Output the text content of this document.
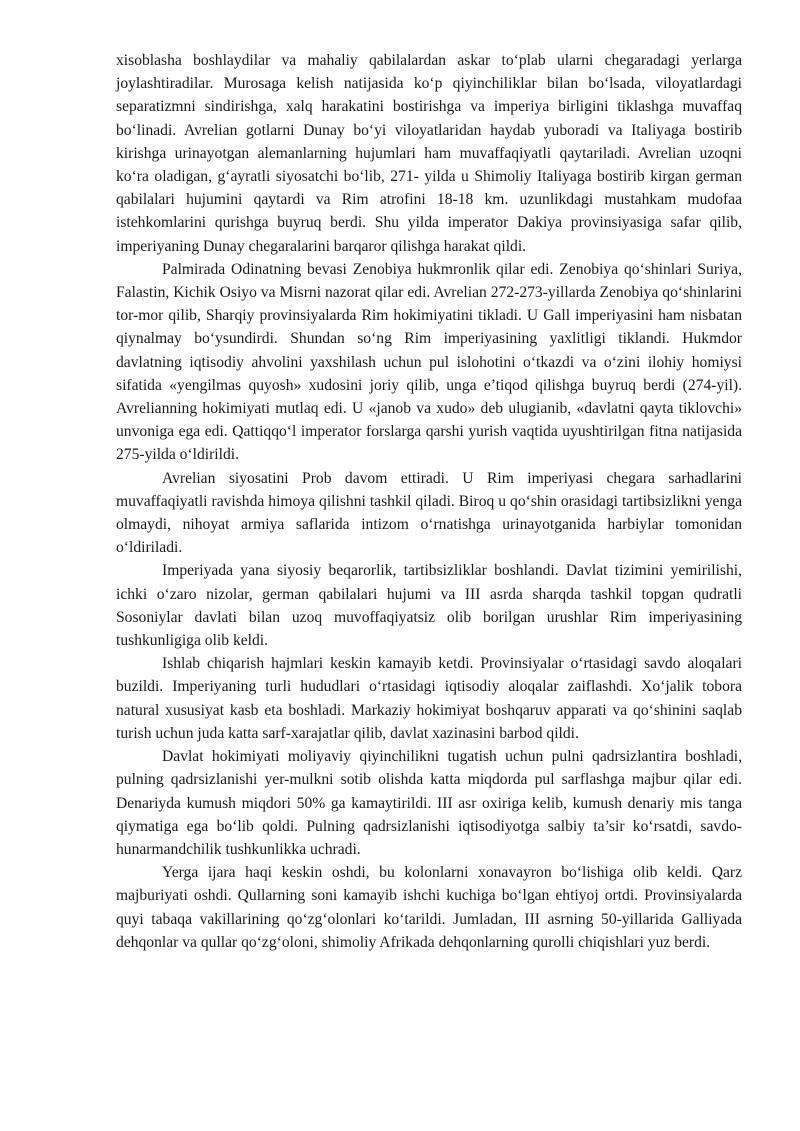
xisoblasha boshlaydilar va mahaliy qabilalardan askar to‘plab ularni chegaradagi yerlarga joylashtiradilar. Murosaga kelish natijasida ko‘p qiyinchiliklar bilan bo‘lsada, viloyatlardagi separatizmni sindirishga, xalq harakatini bostirishga va imperiya birligini tiklashga muvaffaq bo‘linadi. Avrelian gotlarni Dunay bo‘yi viloyatlaridan haydab yuboradi va Italiyaga bostirib kirishga urinayotgan alemanlarning hujumlari ham muvaffaqiyatli qaytariladi. Avrelian uzoqni ko‘ra oladigan, g‘ayratli siyosatchi bo‘lib, 271- yilda u Shimoliy Italiyaga bostirib kirgan german qabilalari hujumini qaytardi va Rim atrofini 18-18 km. uzunlikdagi mustahkam mudofaa istehkomlarini qurishga buyruq berdi. Shu yilda imperator Dakiya provinsiyasiga safar qilib, imperiyaning Dunay chegaralarini barqaror qilishga harakat qildi.

Palmirada Odinatning bevasi Zenobiya hukmronlik qilar edi. Zenobiya qo‘shinlari Suriya, Falastin, Kichik Osiyo va Misrni nazorat qilar edi. Avrelian 272-273-yillarda Zenobiya qo‘shinlarini tor-mor qilib, Sharqiy provinsiyalarda Rim hokimiyatini tikladi. U Gall imperiyasini ham nisbatan qiynalmay bo‘ysundirdi. Shundan so‘ng Rim imperiyasining yaxlitligi tiklandi. Hukmdor davlatning iqtisodiy ahvolini yaxshilash uchun pul islohotini o‘tkazdi va o‘zini ilohiy homiysi sifatida «yengilmas quyosh» xudosini joriy qilib, unga e’tiqod qilishga buyruq berdi (274-yil). Avrelianning hokimiyati mutlaq edi. U «janob va xudo» deb ulugianib, «davlatni qayta tiklovchi» unvoniga ega edi. Qattiqqo‘l imperator forslarga qarshi yurish vaqtida uyushtirilgan fitna natijasida 275-yilda o‘ldirildi.

Avrelian siyosatini Prob davom ettiradi. U Rim imperiyasi chegara sarhadlarini muvaffaqiyatli ravishda himoya qilishni tashkil qiladi. Biroq u qo‘shin orasidagi tartibsizlikni yenga olmaydi, nihoyat armiya saflarida intizom o‘rnatishga urinayotganida harbiylar tomonidan o‘ldiriladi.

Imperiyada yana siyosiy beqarorlik, tartibsizliklar boshlandi. Davlat tizimini yemirilishi, ichki o‘zaro nizolar, german qabilalari hujumi va III asrda sharqda tashkil topgan qudratli Sosoniylar davlati bilan uzoq muvoffaqiyatsiz olib borilgan urushlar Rim imperiyasining tushkunligiga olib keldi.

Ishlab chiqarish hajmlari keskin kamayib ketdi. Provinsiyalar o‘rtasidagi savdo aloqalari buzildi. Imperiyaning turli hududlari o‘rtasidagi iqtisodiy aloqalar zaiflashdi. Xo‘jalik tobora natural xususiyat kasb eta boshladi. Markaziy hokimiyat boshqaruv apparati va qo‘shinini saqlab turish uchun juda katta sarf-xarajatlar qilib, davlat xazinasini barbod qildi.

Davlat hokimiyati moliyaviy qiyinchilikni tugatish uchun pulni qadrsizlantira boshladi, pulning qadrsizlanishi yer-mulkni sotib olishda katta miqdorda pul sarflashga majbur qilar edi. Denariyda kumush miqdori 50% ga kamaytirildi. III asr oxiriga kelib, kumush denariy mis tanga qiymatiga ega bo‘lib qoldi. Pulning qadrsizlanishi iqtisodiyotga salbiy ta’sir ko‘rsatdi, savdo- hunarmandchilik tushkunlikka uchradi.

Yerga ijara haqi keskin oshdi, bu kolonlarni xonavayron bo‘lishiga olib keldi. Qarz majburiyati oshdi. Qullarning soni kamayib ishchi kuchiga bo‘lgan ehtiyoj ortdi. Provinsiyalarda quyi tabaqa vakillarining qo‘zg‘olonlari ko‘tarildi. Jumladan, III asrning 50-yillarida Galliyada dehqonlar va qullar qo‘zg‘oloni, shimoliy Afrikada dehqonlarning qurolli chiqishlari yuz berdi.
